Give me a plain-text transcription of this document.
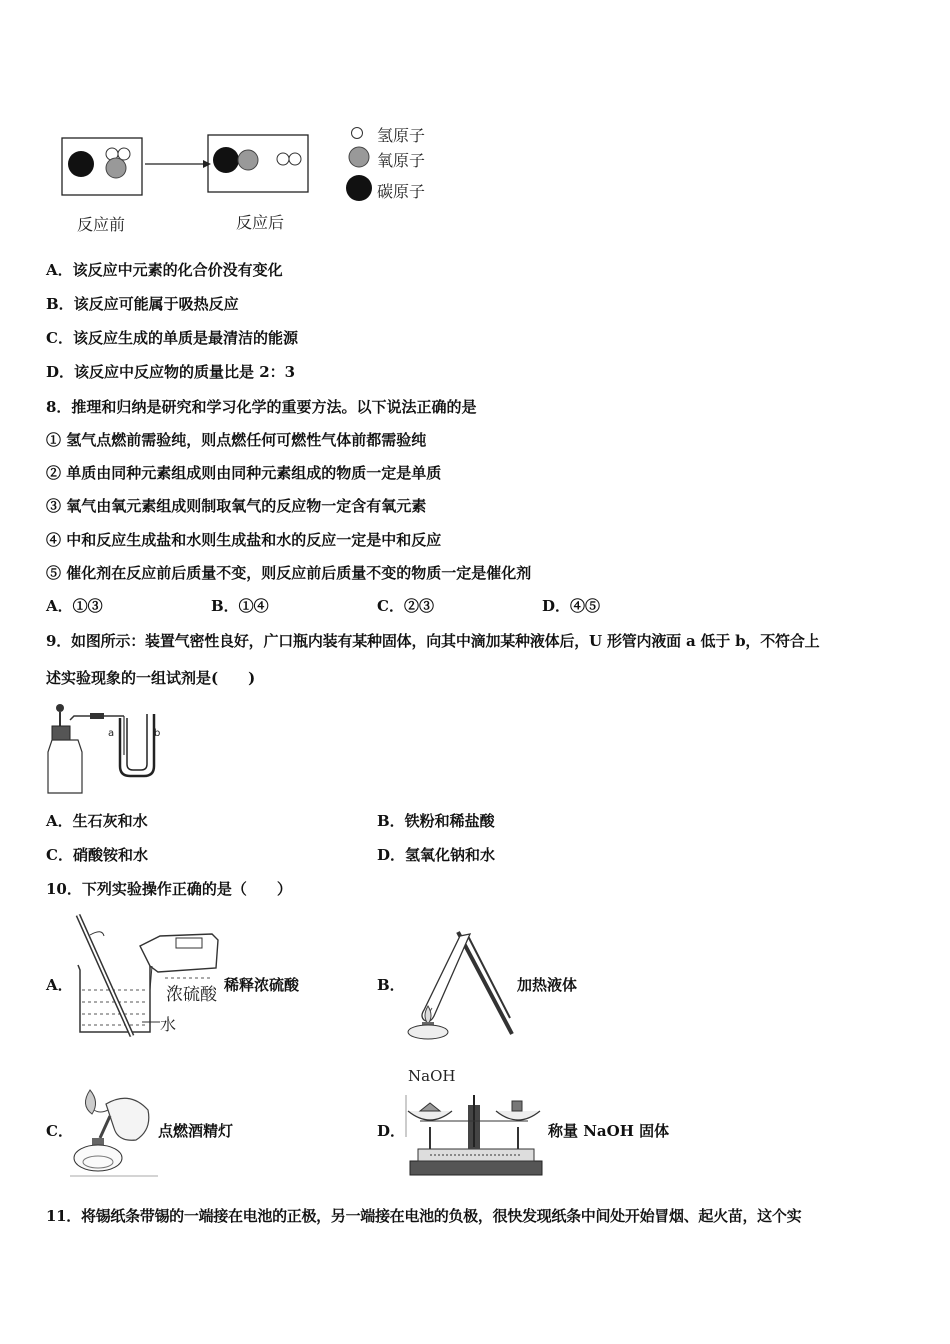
反应前	反应后
氢原子
氧原子
碳原子
A．该反应中元素的化合价没有变化
B．该反应可能属于吸热反应
C．该反应生成的单质是最清洁的能源
D．该反应中反应物的质量比是 2：3
8．推理和归纳是研究和学习化学的重要方法。以下说法正确的是
① 氢气点燃前需验纯，则点燃任何可燃性气体前都需验纯
② 单质由同种元素组成则由同种元素组成的物质一定是单质
③ 氧气由氧元素组成则制取氧气的反应物一定含有氧元素
④ 中和反应生成盐和水则生成盐和水的反应一定是中和反应
⑤ 催化剂在反应前后质量不变，则反应前后质量不变的物质一定是催化剂
A．①③	B．①④	C．②③	D．④⑤
9．如图所示：装置气密性良好，广口瓶内装有某种固体，向其中滴加某种液体后，U 形管内液面 a 低于 b，不符合上
述实验现象的一组试剂是(　　)
a	b
A．生石灰和水	B．铁粉和稀盐酸
C．硝酸铵和水	D．氢氧化钠和水
10．下列实验操作正确的是（　　）
A．	浓硫酸
水
稀释浓硫酸	B．	加热液体
C．	点燃酒精灯	D．
NaOH
称量 NaOH 固体
11．将锡纸条带锡的一端接在电池的正极，另一端接在电池的负极，很快发现纸条中间处开始冒烟、起火苗，这个实
